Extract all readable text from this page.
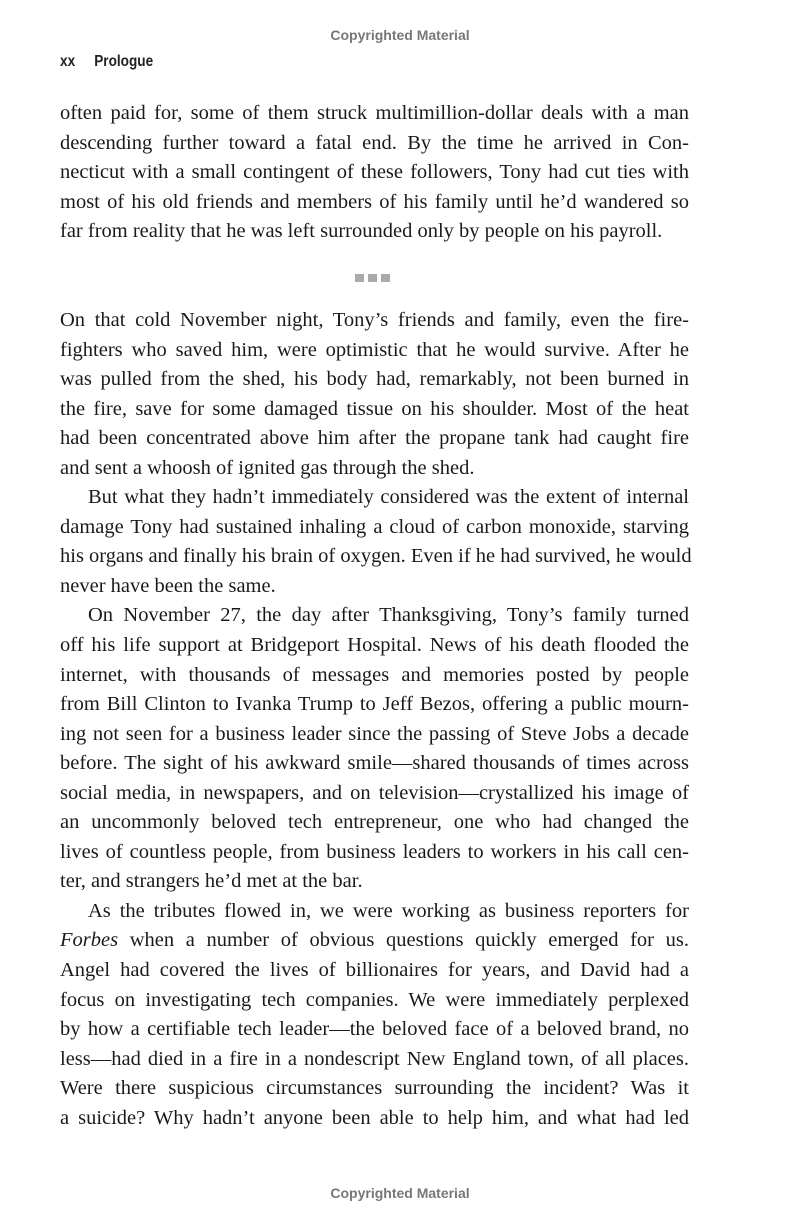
Copyrighted Material
xx Prologue
often paid for, some of them struck multimillion-dollar deals with a man
descending further toward a fatal end. By the time he arrived in Con-
necticut with a small contingent of these followers, Tony had cut ties with
most of his old friends and members of his family until he’d wandered so
far from reality that he was left surrounded only by people on his payroll.
On that cold November night, Tony’s friends and family, even the fire-
fighters who saved him, were optimistic that he would survive. After he
was pulled from the shed, his body had, remarkably, not been burned in
the fire, save for some damaged tissue on his shoulder. Most of the heat
had been concentrated above him after the propane tank had caught fire
and sent a whoosh of ignited gas through the shed.
But what they hadn’t immediately considered was the extent of internal
damage Tony had sustained inhaling a cloud of carbon monoxide, starving
his organs and finally his brain of oxygen. Even if he had survived, he would
never have been the same.
On November 27, the day after Thanksgiving, Tony’s family turned
off his life support at Bridgeport Hospital. News of his death flooded the
internet, with thousands of messages and memories posted by people
from Bill Clinton to Ivanka Trump to Jeff Bezos, offering a public mourn-
ing not seen for a business leader since the passing of Steve Jobs a decade
before. The sight of his awkward smile—shared thousands of times across
social media, in newspapers, and on television—crystallized his image of
an uncommonly beloved tech entrepreneur, one who had changed the
lives of countless people, from business leaders to workers in his call cen-
ter, and strangers he’d met at the bar.
As the tributes flowed in, we were working as business reporters for
Forbes when a number of obvious questions quickly emerged for us.
Angel had covered the lives of billionaires for years, and David had a
focus on investigating tech companies. We were immediately perplexed
by how a certifiable tech leader—the beloved face of a beloved brand, no
less—had died in a fire in a nondescript New England town, of all places.
Were there suspicious circumstances surrounding the incident? Was it
a suicide? Why hadn’t anyone been able to help him, and what had led
Copyrighted Material
